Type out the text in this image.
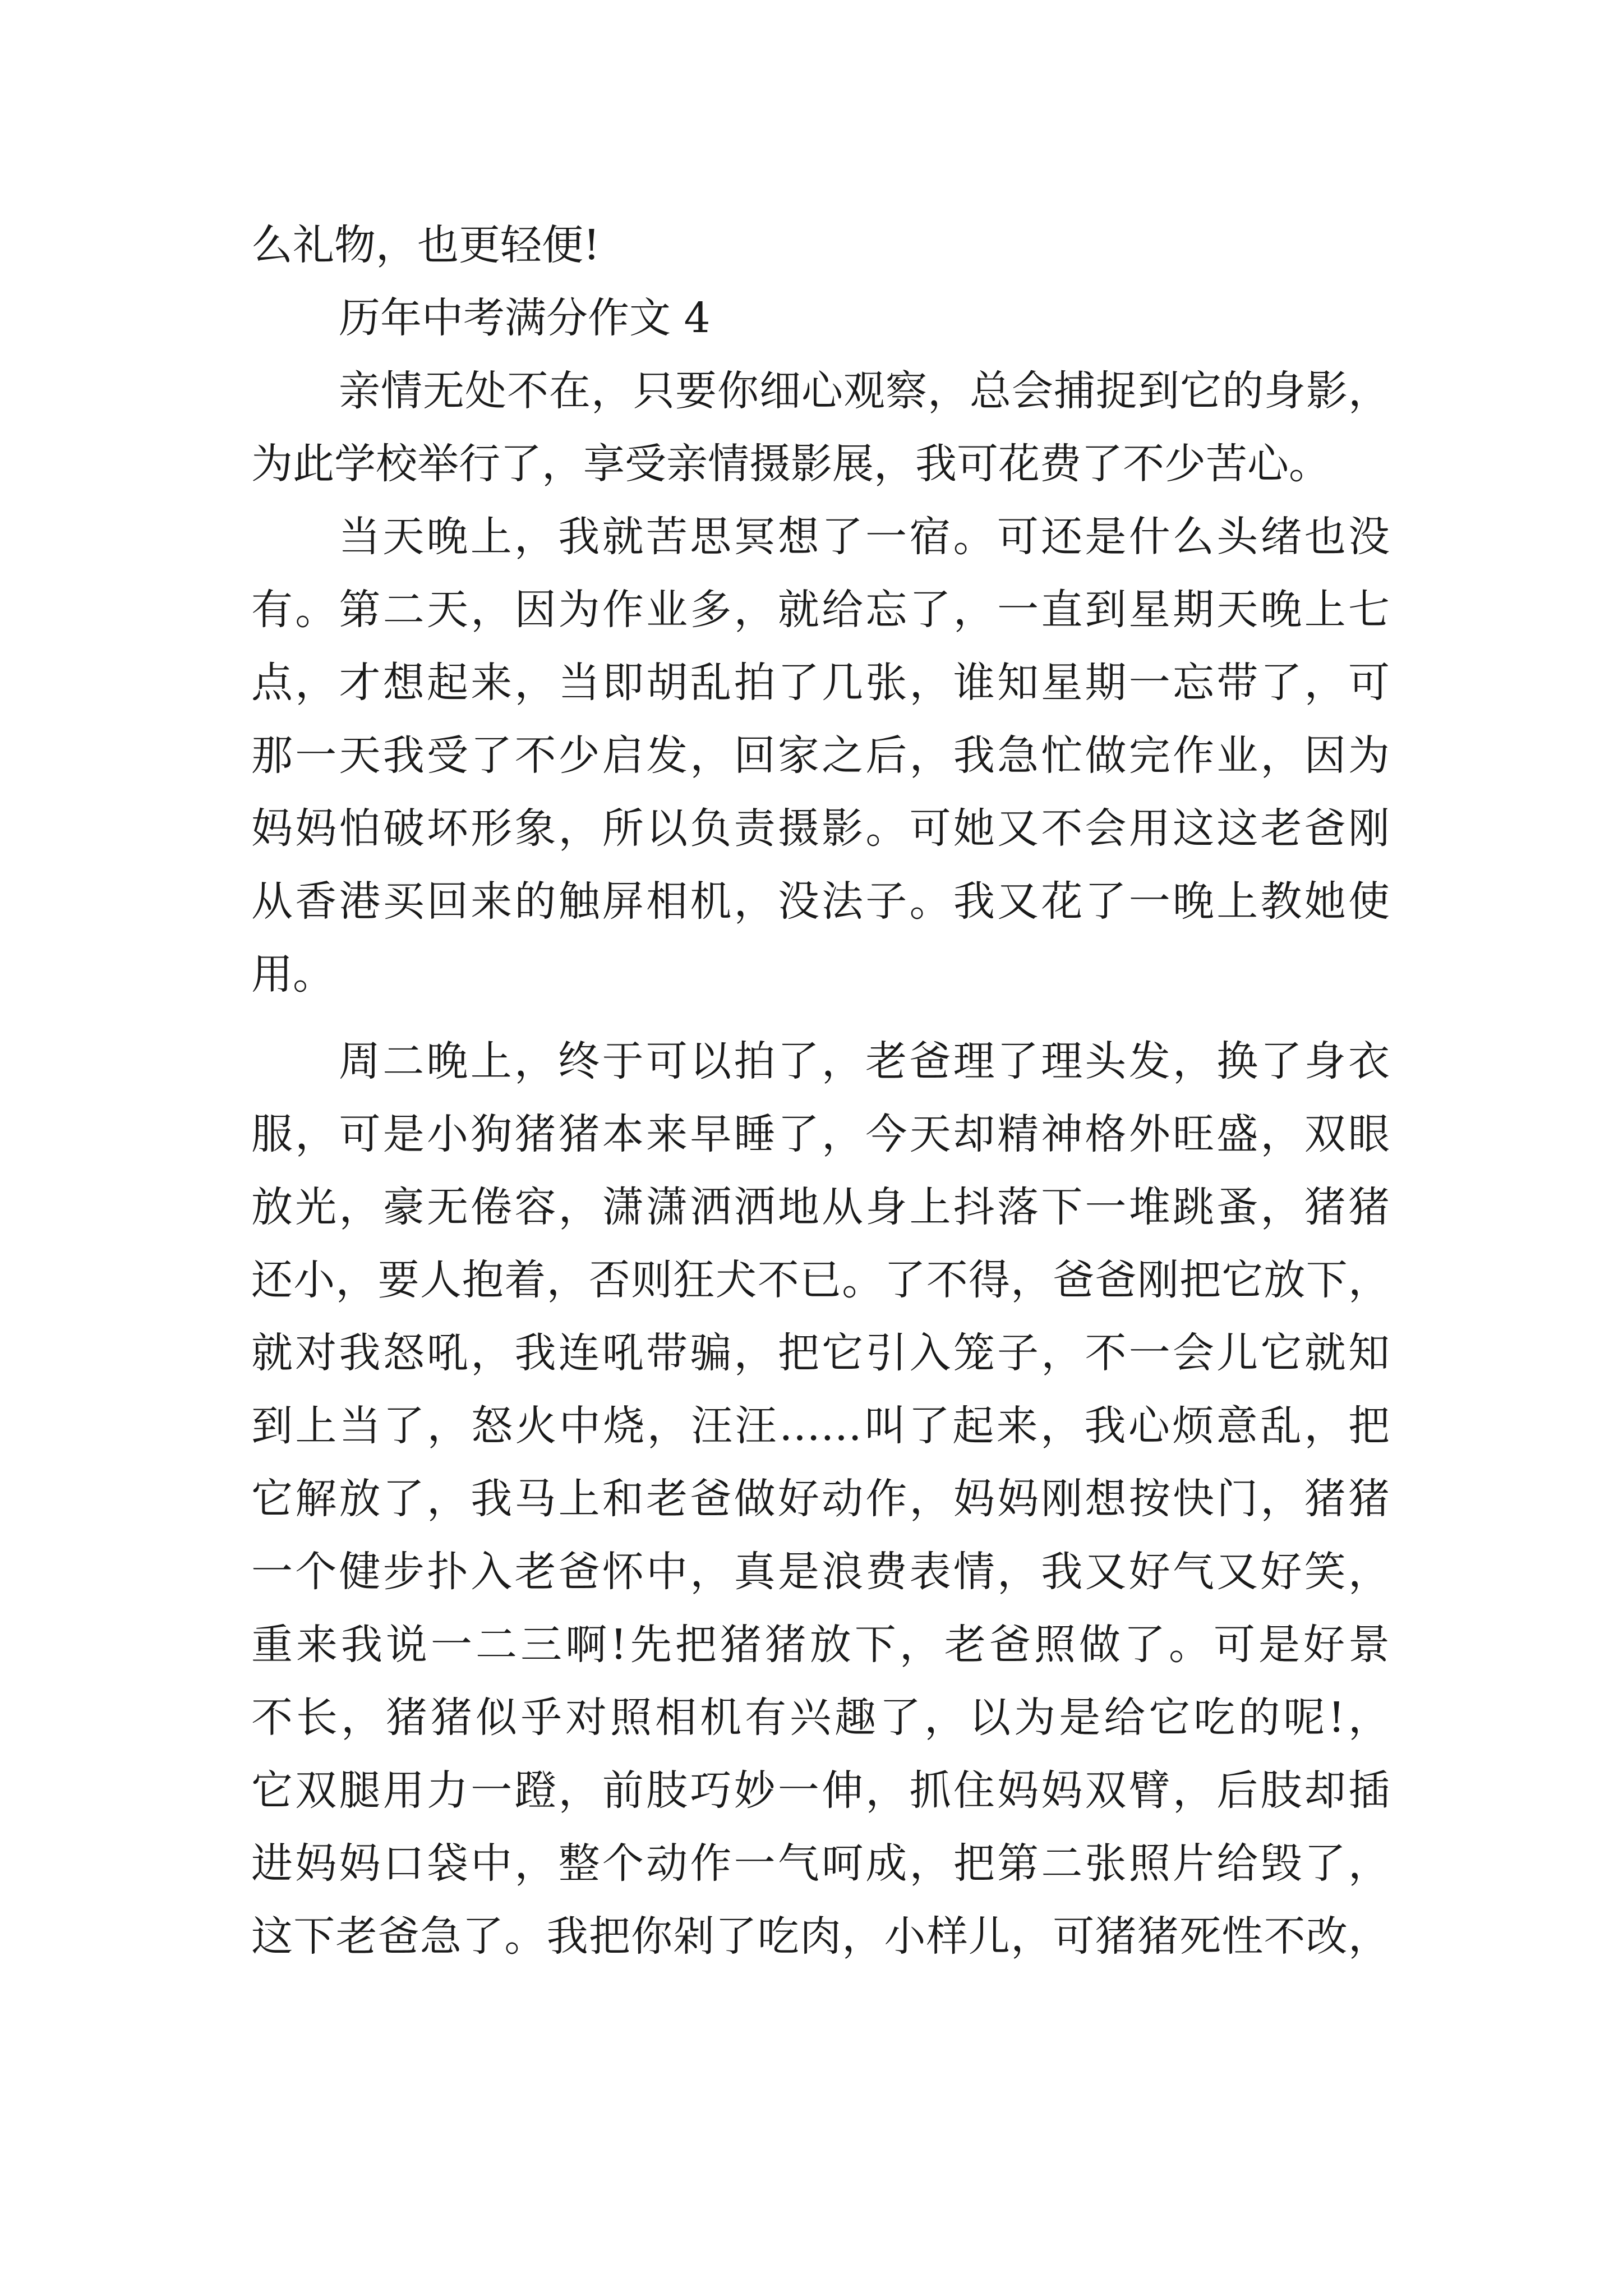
么礼物，也更轻便!
历年中考满分作文 4
亲情无处不在，只要你细心观察，总会捕捉到它的身影，
为此学校举行了，享受亲情摄影展，我可花费了不少苦心。
当天晚上，我就苦思冥想了一宿。可还是什么头绪也没
有。第二天，因为作业多，就给忘了，一直到星期天晚上七
点，才想起来，当即胡乱拍了几张，谁知星期一忘带了，可
那一天我受了不少启发，回家之后，我急忙做完作业，因为
妈妈怕破坏形象，所以负责摄影。可她又不会用这这老爸刚
从香港买回来的触屏相机，没法子。我又花了一晚上教她使
用。
周二晚上，终于可以拍了，老爸理了理头发，换了身衣
服，可是小狗猪猪本来早睡了，今天却精神格外旺盛，双眼
放光，豪无倦容，潇潇洒洒地从身上抖落下一堆跳蚤，猪猪
还小，要人抱着，否则狂犬不已。了不得，爸爸刚把它放下，
就对我怒吼，我连吼带骗，把它引入笼子，不一会儿它就知
到上当了，怒火中烧，汪汪……叫了起来，我心烦意乱，把
它解放了，我马上和老爸做好动作，妈妈刚想按快门，猪猪
一个健步扑入老爸怀中，真是浪费表情，我又好气又好笑，
重来我说一二三啊!先把猪猪放下，老爸照做了。可是好景
不长，猪猪似乎对照相机有兴趣了，以为是给它吃的呢!，
它双腿用力一蹬，前肢巧妙一伸，抓住妈妈双臂，后肢却插
进妈妈口袋中，整个动作一气呵成，把第二张照片给毁了，
这下老爸急了。我把你剁了吃肉，小样儿，可猪猪死性不改，
